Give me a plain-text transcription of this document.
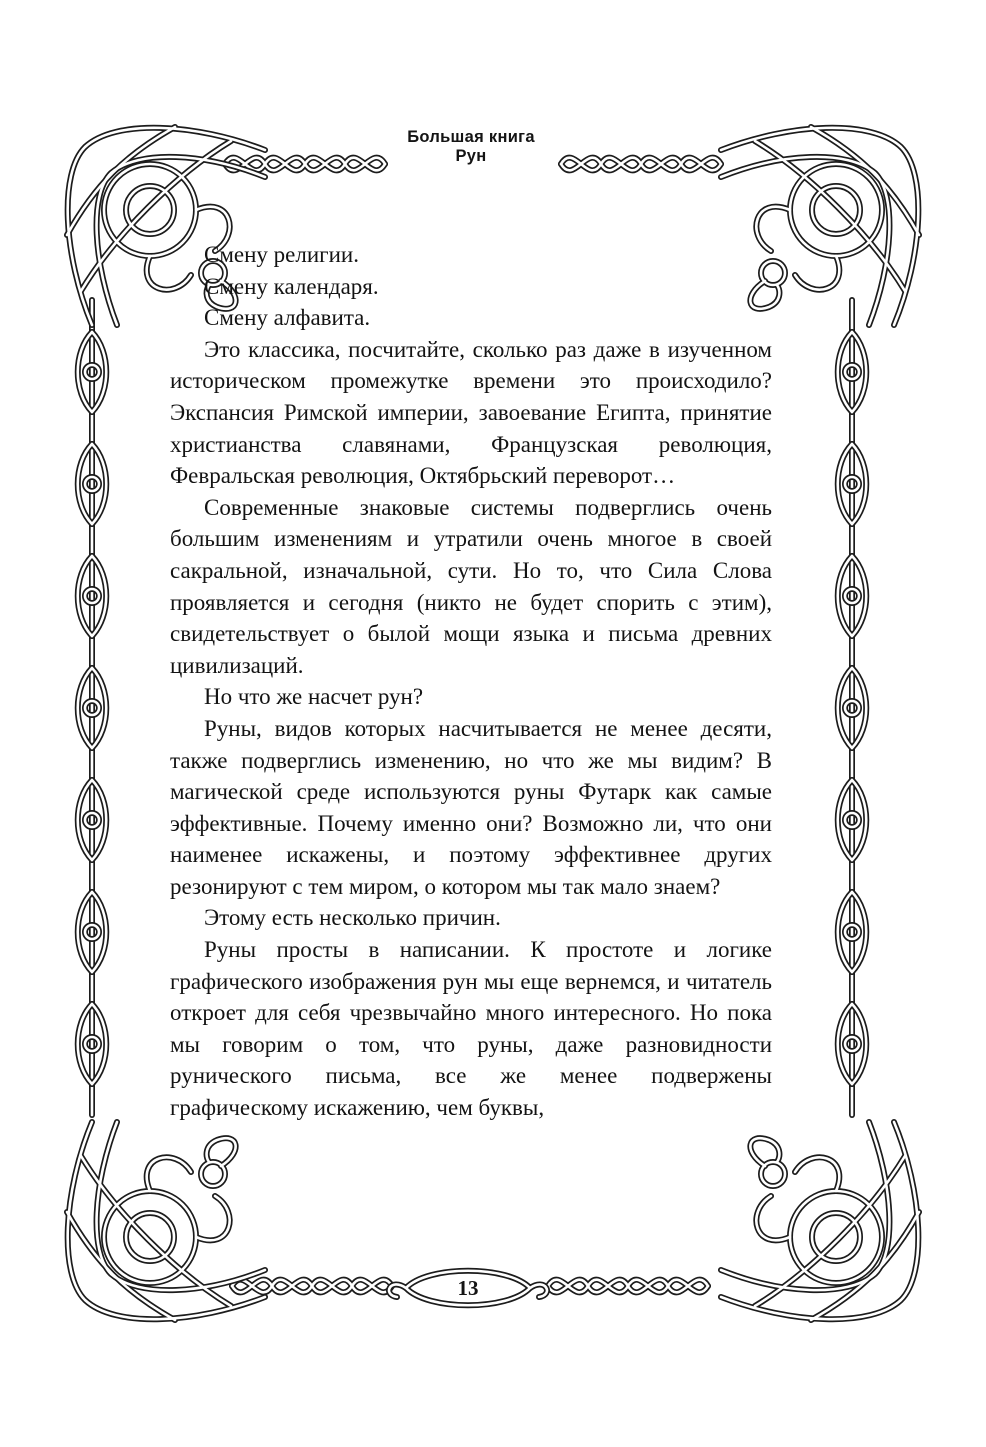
Большая книга
Рун

Смену религии.

Смену календаря.

Смену алфавита.

Это классика, посчитайте, сколько раз даже в изученном историческом промежутке времени это происходило? Экспансия Римской империи, завоевание Египта, принятие христианства славянами, Французская революция, Февральская революция, Октябрьский переворот…

Современные знаковые системы подверглись очень большим изменениям и утратили очень многое в своей сакральной, изначальной, сути. Но то, что Сила Слова проявляется и сегодня (никто не будет спорить с этим), свидетельствует о былой мощи языка и письма древних цивилизаций.

Но что же насчет рун?

Руны, видов которых насчитывается не менее десяти, также подверглись изменению, но что же мы видим? В магической среде используются руны Футарк как самые эффективные. Почему именно они? Возможно ли, что они наименее искажены, и поэтому эффективнее других резонируют с тем миром, о котором мы так мало знаем?

Этому есть несколько причин.

Руны просты в написании. К простоте и логике графического изображения рун мы еще вернемся, и читатель откроет для себя чрезвычайно много интересного. Но пока мы говорим о том, что руны, даже разновидности рунического письма, все же менее подвержены графическому искажению, чем буквы,

13
